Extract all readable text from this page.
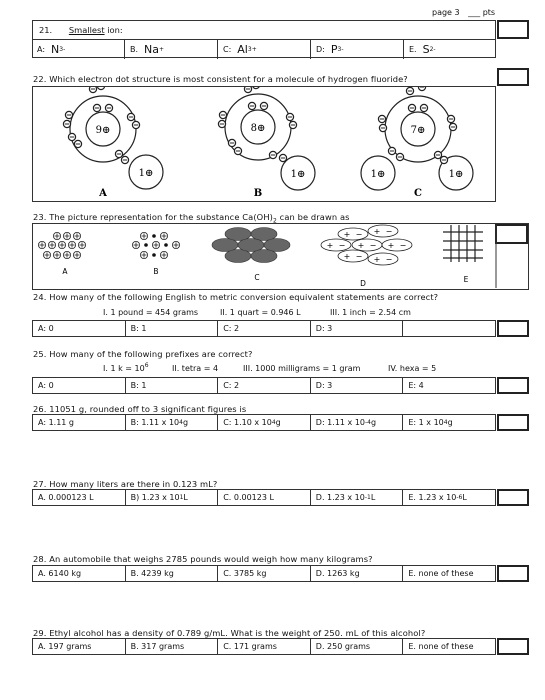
page 3 ___ pts
21. Smallest ion:
A: N 3-	B. Na +	C: Al 3+	D: P 3-	E. S 2-
22. Which electron dot structure is most consistent for a molecule of hydrogen fluoride?
9⊕
1⊕
A
8⊕
1⊕
B
7⊕
1⊕	1⊕
C
23. The picture representation for the substance $Ca(OH)_2$ can be drawn as
+ − + −
+ − + − + −
+ − + −
A	B
C
D	E
24. How many of the following English to metric conversion equivalent statements are correct?
I. 1 pound = 454 grams	II. 1 quart = 0.946 L	III. 1 inch = 2.54 cm
A: 0	B: 1	C: 2	D: 3
25. How many of the following prefixes are correct?
I. 1 $k = 10^6$	II. tetra = 4	III. 1000 milligrams = 1 gram	IV. hexa = 5
A: 0	B: 1	C: 2	D: 3	E: 4
26. 11051 g, rounded off to 3 significant figures is
A: 1.11 g	B: 1.11 x 10 4 g	C: 1.10 x 10 4 g	D: 1.11 x 10 -4 g	E: 1 x 10 4 g
27. How many liters are there in 0.123 mL?
A. 0.000123 L	B) 1.23 x 10 1 L	C. 0.00123 L	D. 1.23 x 10 -1 L	E. 1.23 x 10 -6 L
28. An automobile that weighs 2785 pounds would weigh how many kilograms?
A. 6140 kg	B. 4239 kg	C. 3785 kg	D. 1263 kg	E. none of these
29. Ethyl alcohol has a density of 0.789 g/mL. What is the weight of 250. mL of this alcohol?
A. 197 grams	B. 317 grams	C. 171 grams	D. 250 grams	E. none of these
